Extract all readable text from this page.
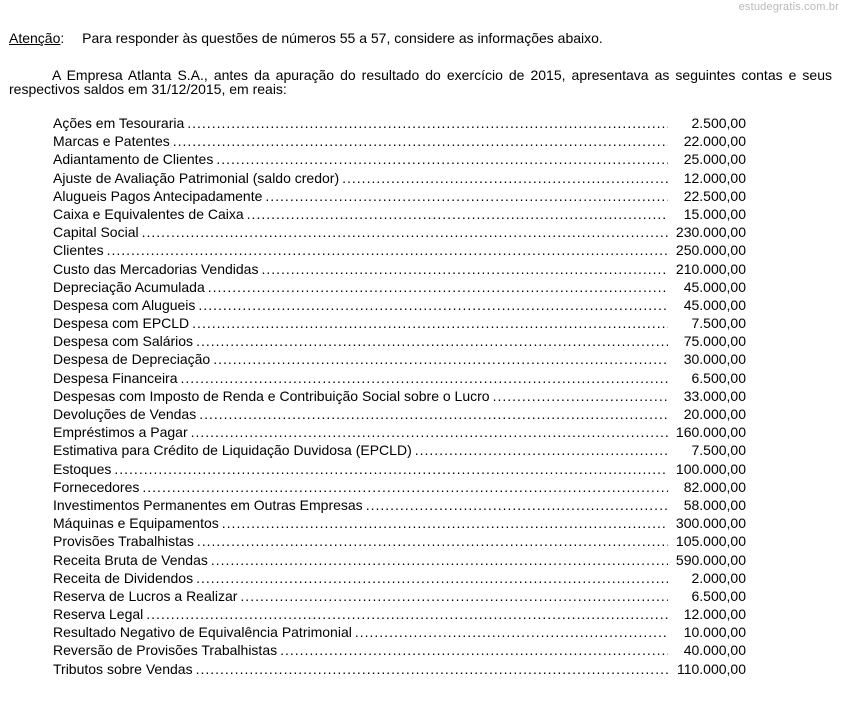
estudegratis.com.br
Atenção: Para responder às questões de números 55 a 57, considere as informações abaixo.
A Empresa Atlanta S.A., antes da apuração do resultado do exercício de 2015, apresentava as seguintes contas e seus respectivos saldos em 31/12/2015, em reais:
Ações em Tesouraria .....	2.500,00
Marcas e Patentes .....	22.000,00
Adiantamento de Clientes .....	25.000,00
Ajuste de Avaliação Patrimonial (saldo credor) .....	12.000,00
Alugueis Pagos Antecipadamente .....	22.500,00
Caixa e Equivalentes de Caixa .....	15.000,00
Capital Social .....	230.000,00
Clientes .....	250.000,00
Custo das Mercadorias Vendidas .....	210.000,00
Depreciação Acumulada .....	45.000,00
Despesa com Alugueis .....	45.000,00
Despesa com EPCLD .....	7.500,00
Despesa com Salários .....	75.000,00
Despesa de Depreciação .....	30.000,00
Despesa Financeira .....	6.500,00
Despesas com Imposto de Renda e Contribuição Social sobre o Lucro .....	33.000,00
Devoluções de Vendas .....	20.000,00
Empréstimos a Pagar .....	160.000,00
Estimativa para Crédito de Liquidação Duvidosa (EPCLD) .....	7.500,00
Estoques .....	100.000,00
Fornecedores .....	82.000,00
Investimentos Permanentes em Outras Empresas .....	58.000,00
Máquinas e Equipamentos .....	300.000,00
Provisões Trabalhistas .....	105.000,00
Receita Bruta de Vendas .....	590.000,00
Receita de Dividendos .....	2.000,00
Reserva de Lucros a Realizar .....	6.500,00
Reserva Legal .....	12.000,00
Resultado Negativo de Equivalência Patrimonial .....	10.000,00
Reversão de Provisões Trabalhistas .....	40.000,00
Tributos sobre Vendas .....	110.000,00
